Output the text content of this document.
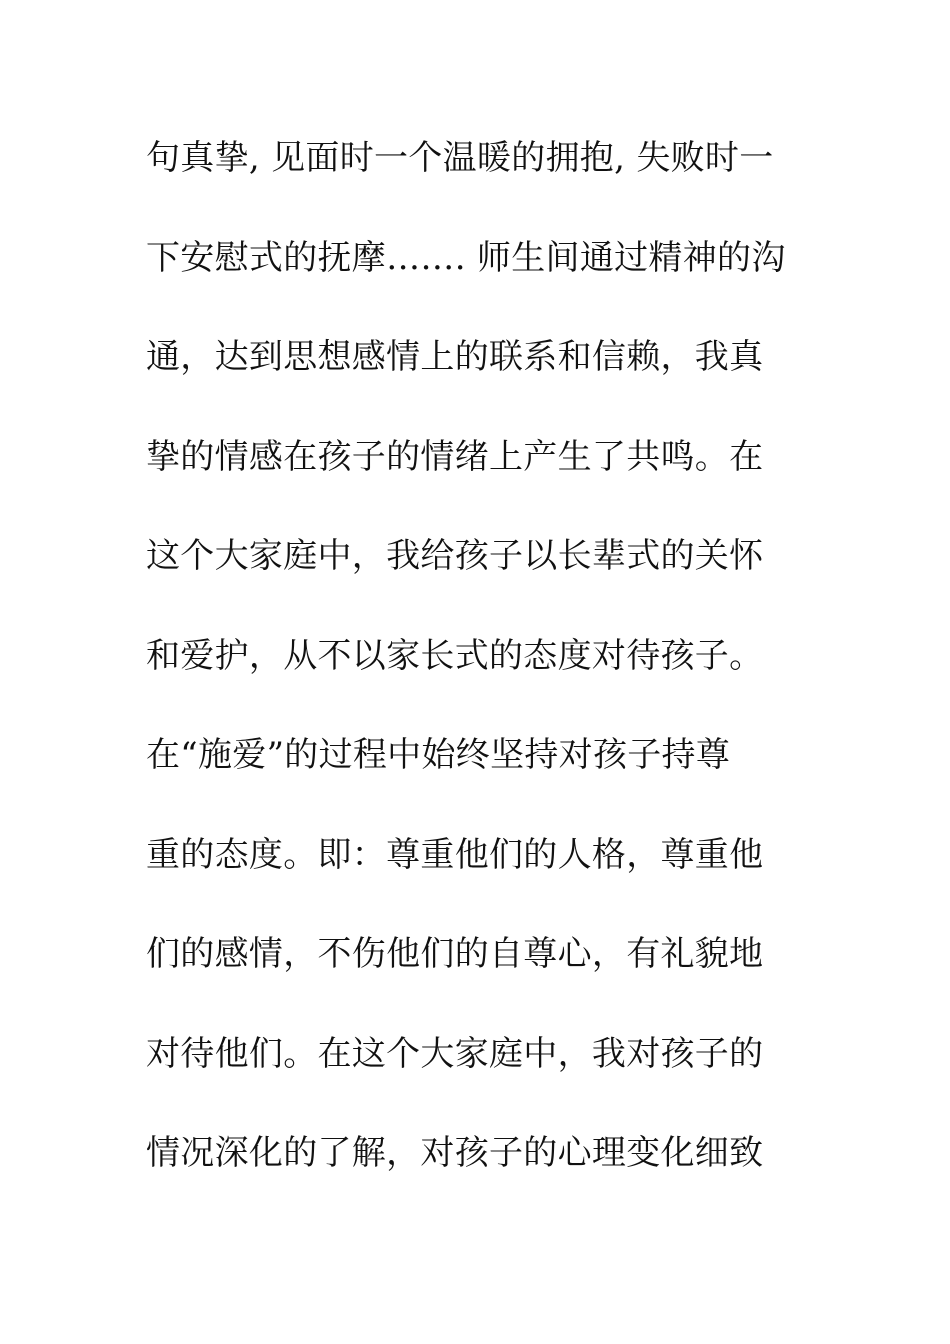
句真挚, 见面时一个温暖的拥抱, 失败时一
下安慰式的抚摩……. 师生间通过精神的沟
通，达到思想感情上的联系和信赖，我真
挚的情感在孩子的情绪上产生了共鸣。在
这个大家庭中，我给孩子以长辈式的关怀
和爱护，从不以家长式的态度对待孩子。
在“施爱”的过程中始终坚持对孩子持尊
重的态度。即：尊重他们的人格，尊重他
们的感情，不伤他们的自尊心，有礼貌地
对待他们。在这个大家庭中，我对孩子的
情况深化的了解，对孩子的心理变化细致
